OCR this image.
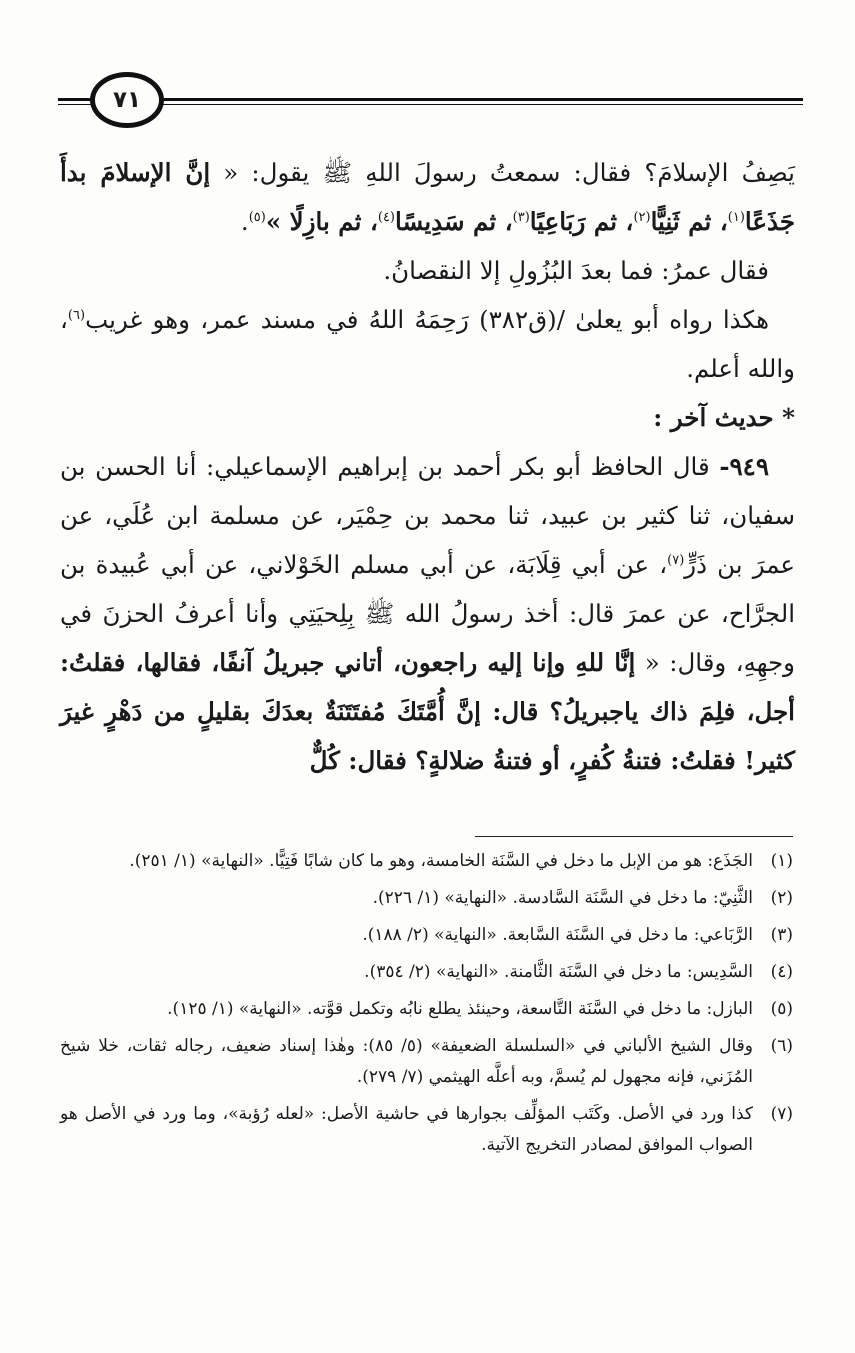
٧١

يَصِفُ الإسلامَ؟ فقال: سمعتُ رسولَ اللهِ ﷺ يقول: « إنَّ الإسلامَ بدأَ جَذَعًا$^{(١)}$، ثم ثَنِيًّا$^{(٢)}$، ثم رَبَاعِيًا$^{(٣)}$، ثم سَدِيسًا$^{(٤)}$، ثم بازِلًا »$^{(٥)}$.

فقال عمرُ: فما بعدَ البُزُولِ إلا النقصانُ.

هكذا رواه أبو يعلىٰ /(ق٣٨٢) رَحِمَهُ اللهُ في مسند عمر، وهو غريب$^{(٦)}$، والله أعلم.

* حديث آخر :

٩٤٩- قال الحافظ أبو بكر أحمد بن إبراهيم الإسماعيلي: أنا الحسن بن سفيان، ثنا كثير بن عبيد، ثنا محمد بن حِمْيَر، عن مسلمة ابن عُلَي، عن عمرَ بن ذَرٍّ$^{(٧)}$، عن أبي قِلَابَة، عن أبي مسلم الخَوْلاني، عن أبي عُبيدة بن الجرَّاح، عن عمرَ قال: أخذ رسولُ الله ﷺ بِلِحيَتِي وأنا أعرفُ الحزنَ في وجهِهِ، وقال: « إنَّا للهِ وإنا إليه راجعون، أتاني جبريلُ آنفًا، فقالها، فقلتُ: أجل، فلِمَ ذاك ياجبريلُ؟ قال: إنَّ أُمَّتَكَ مُفتَتَنَةٌ بعدَكَ بقليلٍ من دَهْرٍ غيرَ كثير! فقلتُ: فتنةُ كُفرٍ، أو فتنةُ ضلالةٍ؟ فقال: كُلٌّ

(١)
الجَذَع: هو من الإبل ما دخل في السَّنَة الخامسة، وهو ما كان شابًا فَتِيًّا. «النهاية» (١/ ٢٥١).
(٢)
الثَّنِيّ: ما دخل في السَّنَة السَّادسة. «النهاية» (١/ ٢٢٦).
(٣)
الرَّبَاعي: ما دخل في السَّنَة السَّابعة. «النهاية» (٢/ ١٨٨).
(٤)
السَّدِيس: ما دخل في السَّنَة الثَّامنة. «النهاية» (٢/ ٣٥٤).
(٥)
البازل: ما دخل في السَّنَة التَّاسعة، وحينئذ يطلع نابُه وتكمل قوَّته. «النهاية» (١/ ١٢٥).
(٦)
وقال الشيخ الألباني في «السلسلة الضعيفة» (٥/ ٨٥): وهٰذا إسناد ضعيف، رجاله ثقات، خلا شيخ المُزَني، فإنه مجهول لم يُسمَّ، وبه أعلَّه الهيثمي (٧/ ٢٧٩).
(٧)
كذا ورد في الأصل. وكَتَب المؤلِّف بجوارها في حاشية الأصل: «لعله رُؤبة»، وما ورد في الأصل هو الصواب الموافق لمصادر التخريج الآتية.
